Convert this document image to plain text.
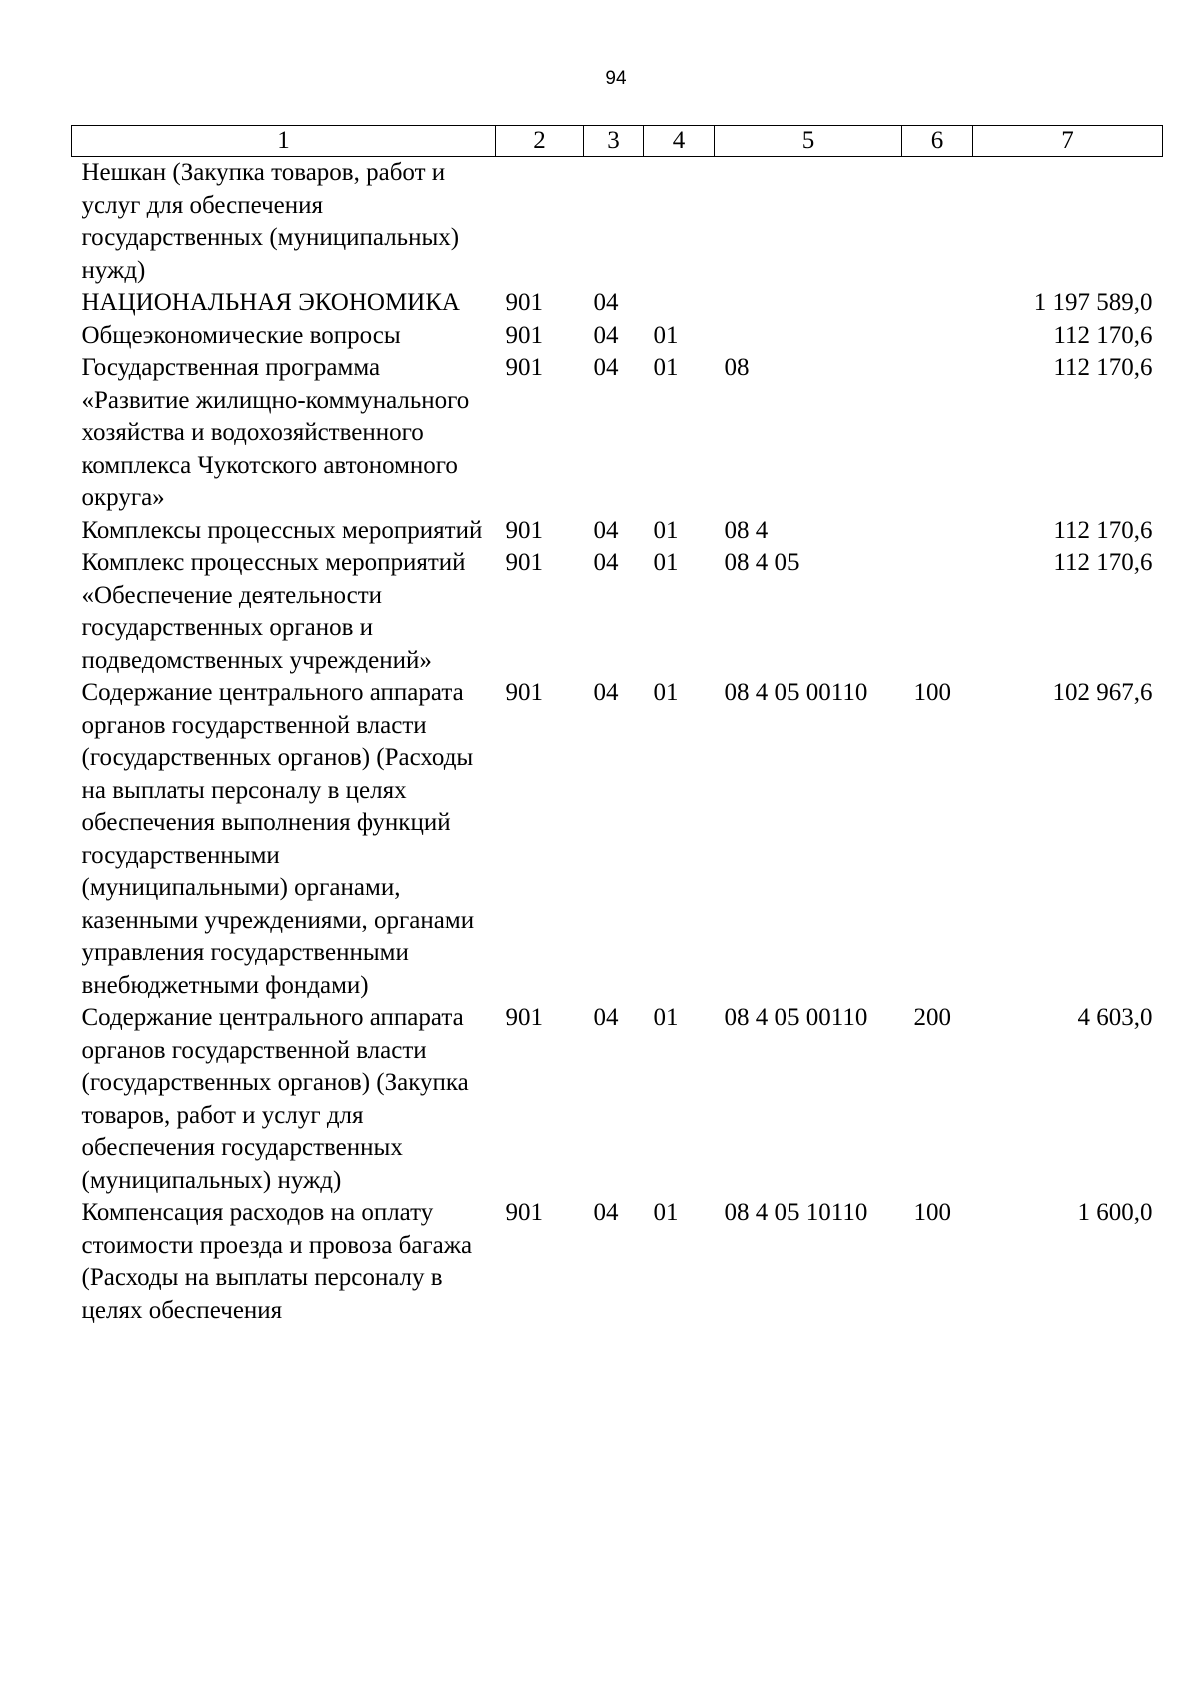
94
1	2	3	4	5	6	7
Нешкан (Закупка товаров, работ и услуг для обеспечения государственных (муниципальных) нужд)						
НАЦИОНАЛЬНАЯ ЭКОНОМИКА	901	04				1 197 589,0
Общеэкономические вопросы	901	04	01			112 170,6
Государственная программа «Развитие жилищно-коммунального хозяйства и водохозяйственного комплекса Чукотского автономного округа»	901	04	01	08		112 170,6
Комплексы процессных мероприятий	901	04	01	08 4		112 170,6
Комплекс процессных мероприятий «Обеспечение деятельности государственных органов и подведомственных учреждений»	901	04	01	08 4 05		112 170,6
Содержание центрального аппарата органов государственной власти (государственных органов) (Расходы на выплаты персоналу в целях обеспечения выполнения функций государственными (муниципальными) органами, казенными учреждениями, органами управления государственными внебюджетными фондами)	901	04	01	08 4 05 00110	100	102 967,6
Содержание центрального аппарата органов государственной власти (государственных органов) (Закупка товаров, работ и услуг для обеспечения государственных (муниципальных) нужд)	901	04	01	08 4 05 00110	200	4 603,0
Компенсация расходов на оплату стоимости проезда и провоза багажа (Расходы на выплаты персоналу в целях обеспечения	901	04	01	08 4 05 10110	100	1 600,0
